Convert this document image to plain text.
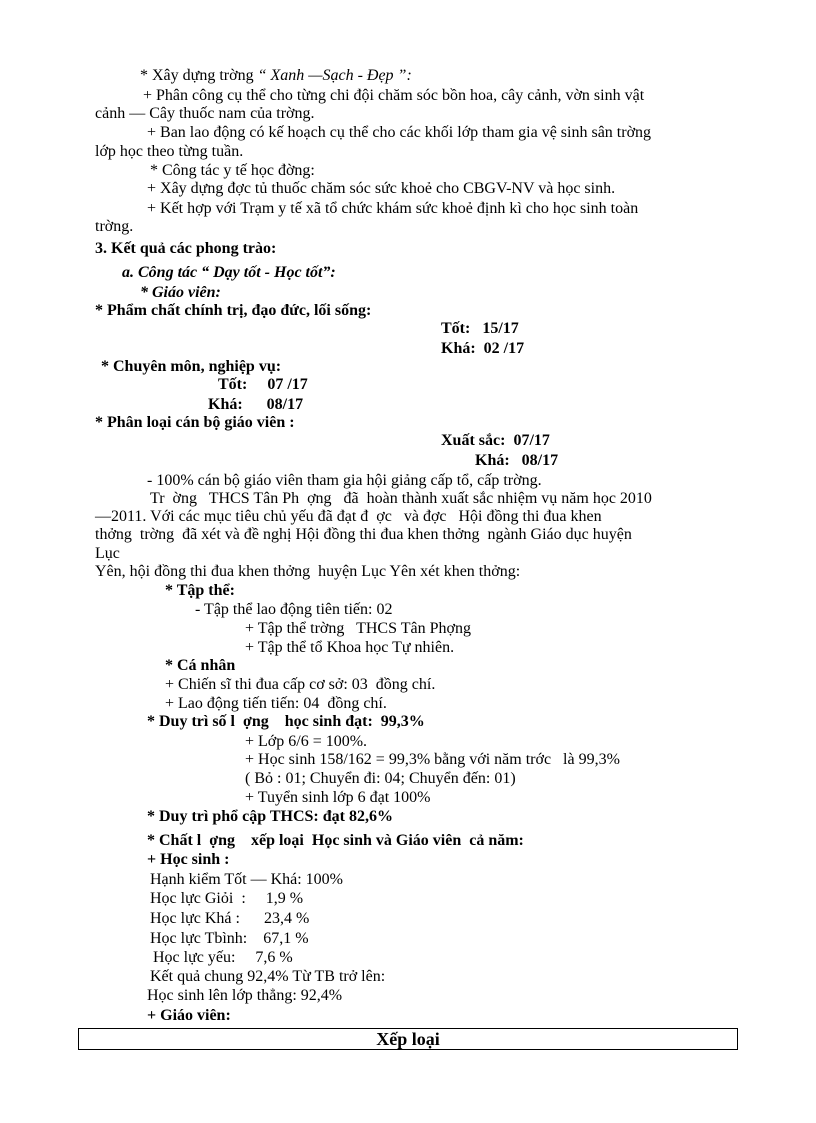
* Xây dựng trờng “ Xanh —Sạch - Đẹp ”:
+ Phân công cụ thể cho từng chi đội chăm sóc bồn hoa, cây cảnh, vờn sinh vật
cảnh — Cây thuốc nam của trờng.
+ Ban lao động có kế hoạch cụ thể cho các khối lớp tham gia vệ sinh sân trờng
lớp học theo từng tuần.
* Công tác y tế học đờng:
+ Xây dựng đợc tủ thuốc chăm sóc sức khoẻ cho CBGV-NV và học sinh.
+ Kết hợp với Trạm y tế xã tổ chức khám sức khoẻ định kì cho học sinh toàn
trờng.
3. Kết quả các phong trào:
a. Công tác “ Dạy tốt - Học tốt”:
* Giáo viên:
* Phẩm chất chính trị, đạo đức, lối sống:
Tốt:   15/17
Khá:  02 /17
* Chuyên môn, nghiệp vụ:
Tốt:     07 /17
Khá:      08/17
* Phân loại cán bộ giáo viên :
Xuất sắc:  07/17
Khá:   08/17
- 100% cán bộ giáo viên tham gia hội giảng cấp tổ, cấp trờng.
Tr  ờng   THCS Tân Ph  ợng   đã  hoàn thành xuất sắc nhiệm vụ năm học 2010
—2011. Với các mục tiêu chủ yếu đã đạt đ  ợc   và đợc   Hội đồng thi đua khen
thởng  trờng  đã xét và đề nghị Hội đồng thi đua khen thởng  ngành Giáo dục huyện
Lục
Yên, hội đồng thi đua khen thởng  huyện Lục Yên xét khen thởng:
* Tập thể:
- Tập thể lao động tiên tiến: 02
+ Tập thể trờng   THCS Tân Phợng
+ Tập thể tổ Khoa học Tự nhiên.
* Cá nhân
+ Chiến sĩ thi đua cấp cơ sở: 03  đồng chí.
+ Lao động tiến tiến: 04  đồng chí.
* Duy trì số l  ợng    học sinh đạt:  99,3%
+ Lớp 6/6 = 100%.
+ Học sinh 158/162 = 99,3% bằng với năm trớc   là 99,3%
( Bỏ : 01; Chuyển đi: 04; Chuyển đến: 01)
+ Tuyển sinh lớp 6 đạt 100%
* Duy trì phổ cập THCS: đạt 82,6%
* Chất l  ợng    xếp loại  Học sinh và Giáo viên  cả năm:
+ Học sinh :
Hạnh kiểm Tốt — Khá: 100%
Học lực Giỏi  :     1,9 %
Học lực Khá :      23,4 %
Học lực Tbình:    67,1 %
Học lực yếu:     7,6 %
Kết quả chung 92,4% Từ TB trở lên:
Học sinh lên lớp thẳng: 92,4%
+ Giáo viên:
Xếp loại
